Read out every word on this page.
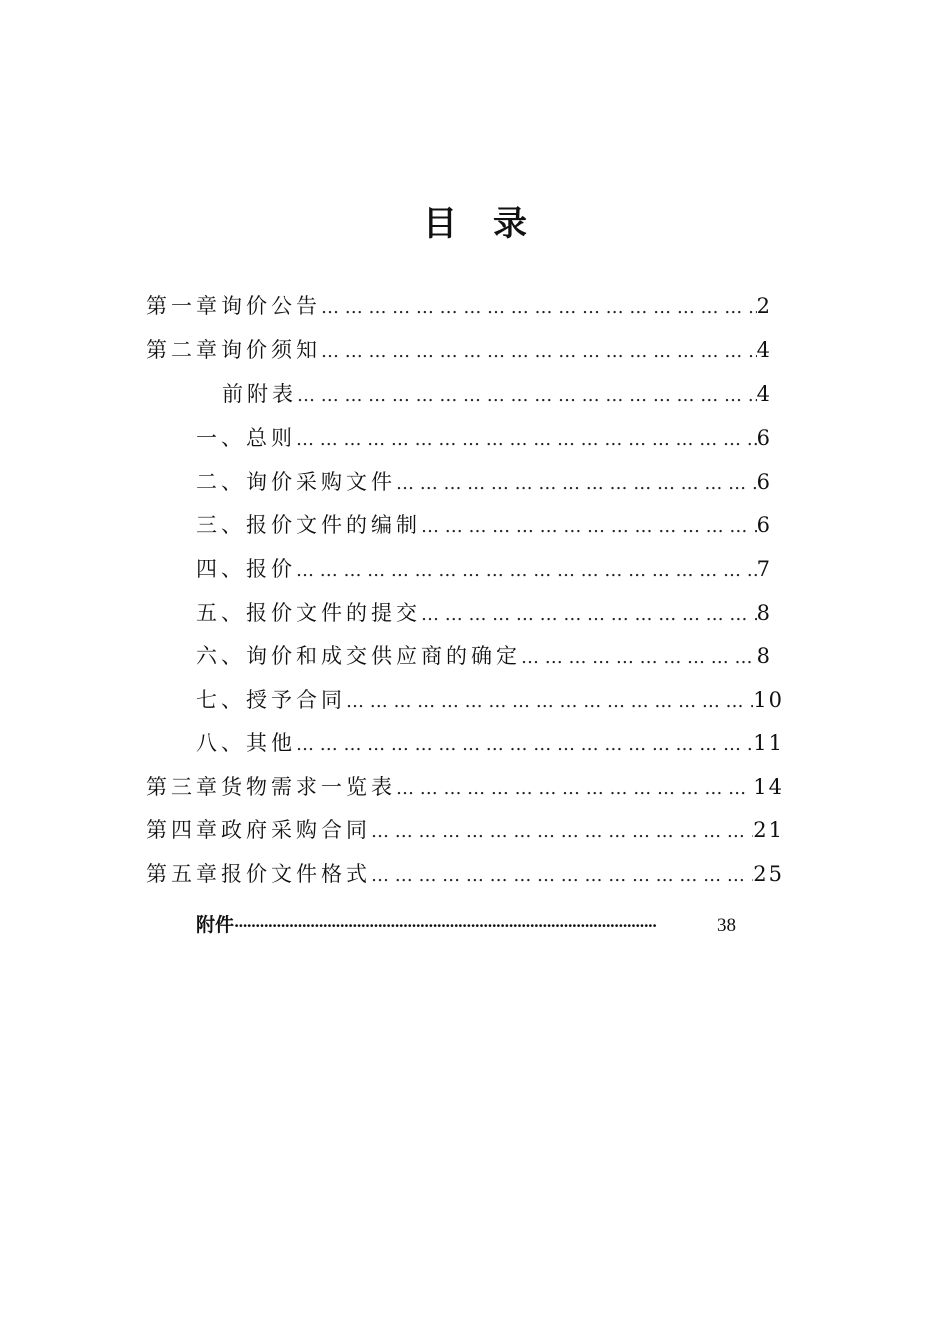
目 录
第一章 询价公告 … … … … … … … … … … … … … … … … … … … … … … … … … … … … … … … … … … … … … … … … … … … …	2
第二章 询价须知 … … … … … … … … … … … … … … … … … … … … … … … … … … … … … … … … … … … … … … … … … … … …	4
前附表 … … … … … … … … … … … … … … … … … … … … … … … … … … … … … … … … … … … … … … … … … … … …	4
一、总则 … … … … … … … … … … … … … … … … … … … … … … … … … … … … … … … … … … … … … … … … … … … …	6
二、询价采购文件 … … … … … … … … … … … … … … … … … … … … … … … … … … … … … … … … … … … … … … … … … … … …	6
三、报价文件的编制 … … … … … … … … … … … … … … … … … … … … … … … … … … … … … … … … … … … … … … … … … … … …	6
四、报价 … … … … … … … … … … … … … … … … … … … … … … … … … … … … … … … … … … … … … … … … … … … …	7
五、报价文件的提交 … … … … … … … … … … … … … … … … … … … … … … … … … … … … … … … … … … … … … … … … … … … …	8
六、询价和成交供应商的确定 … … … … … … … … … … … … … … … … … … … … … … … … … … … … … … … … … … … … … … … … … … … …	8
七、授予合同 … … … … … … … … … … … … … … … … … … … … … … … … … … … … … … … … … … … … … … … … … … … …	10
八、其他 … … … … … … … … … … … … … … … … … … … … … … … … … … … … … … … … … … … … … … … … … … … …	11
第三章 货物需求一览表 … … … … … … … … … … … … … … … … … … … … … … … … … … … … … … … … … … … … … … … … … … … …	14
第四章 政府采购合同 … … … … … … … … … … … … … … … … … … … … … … … … … … … … … … … … … … … … … … … … … … … …	21
第五章 报价文件格式 … … … … … … … … … … … … … … … … … … … … … … … … … … … … … … … … … … … … … … … … … … … …	25
附件 ·····	38
